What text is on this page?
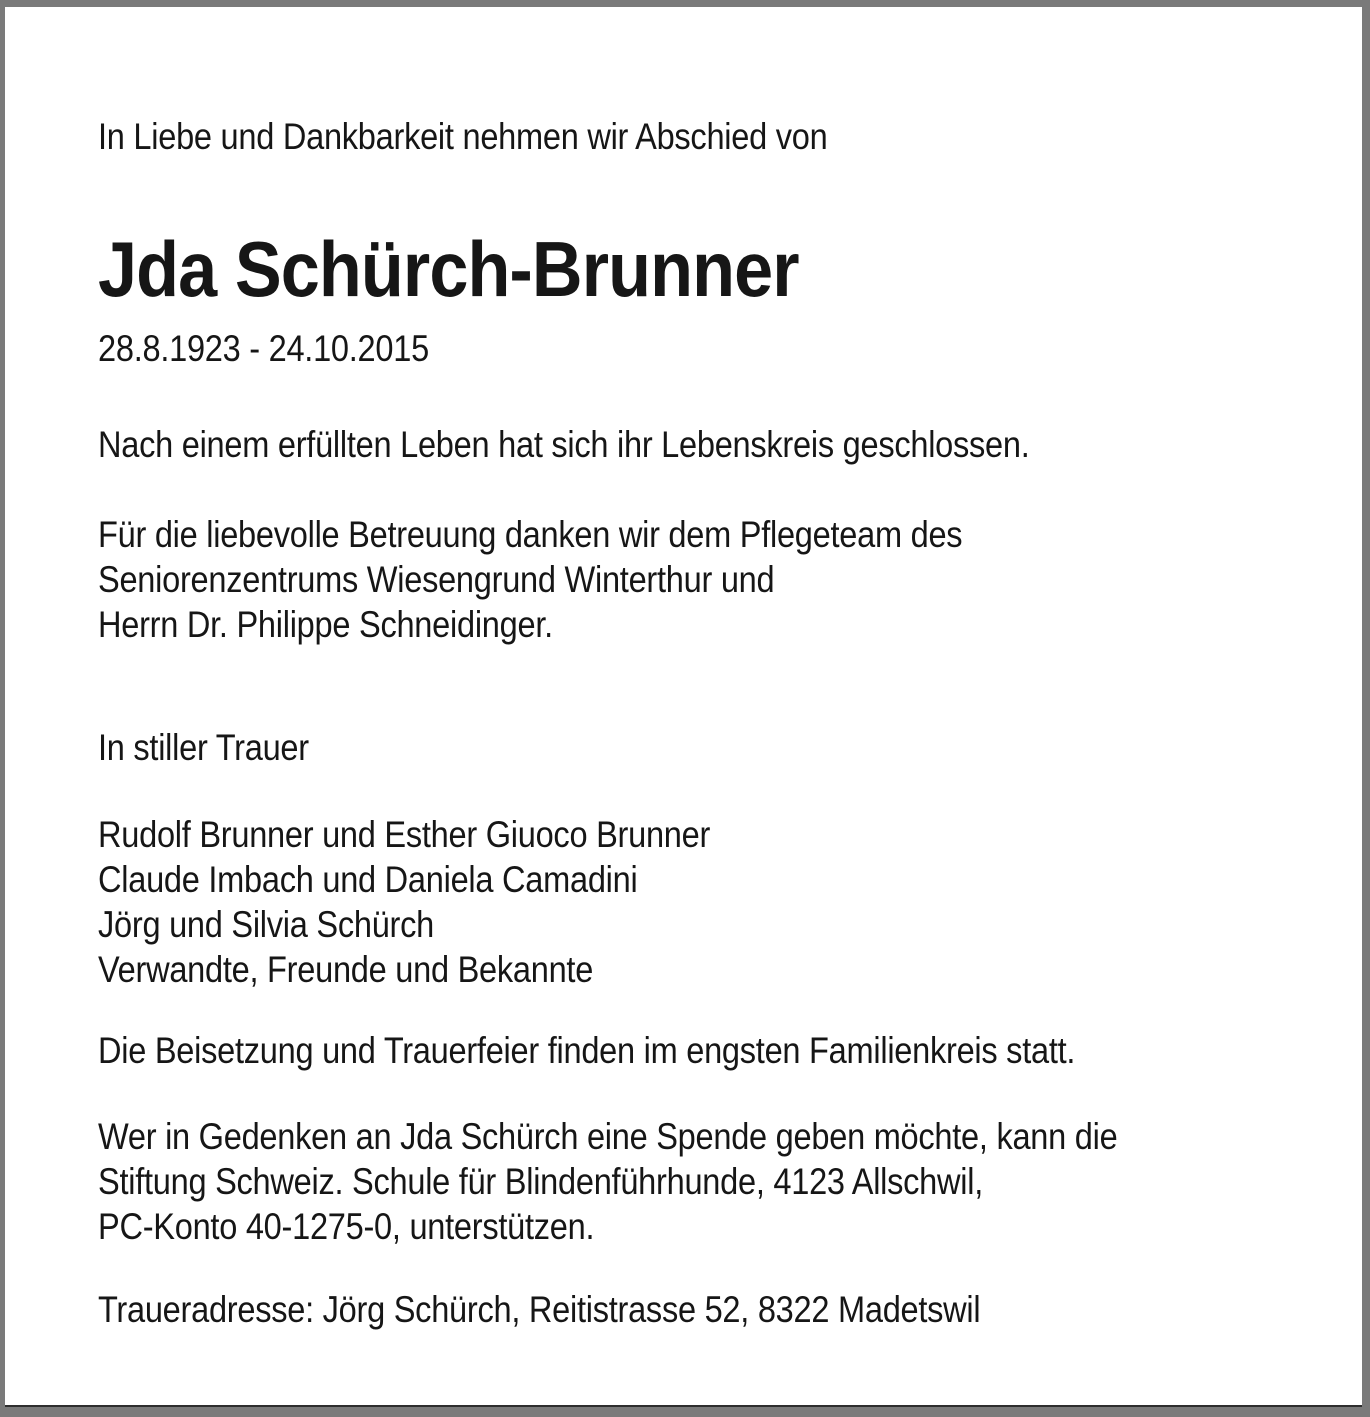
In Liebe und Dankbarkeit nehmen wir Abschied von
Jda Schürch-Brunner
28.8.1923 - 24.10.2015
Nach einem erfüllten Leben hat sich ihr Lebenskreis geschlossen.
Für die liebevolle Betreuung danken wir dem Pflegeteam des
Seniorenzentrums Wiesengrund Winterthur und
Herrn Dr. Philippe Schneidinger.
In stiller Trauer
Rudolf Brunner und Esther Giuoco Brunner
Claude Imbach und Daniela Camadini
Jörg und Silvia Schürch
Verwandte, Freunde und Bekannte
Die Beisetzung und Trauerfeier finden im engsten Familienkreis statt.
Wer in Gedenken an Jda Schürch eine Spende geben möchte, kann die
Stiftung Schweiz. Schule für Blindenführhunde, 4123 Allschwil,
PC-Konto 40-1275-0, unterstützen.
Traueradresse: Jörg Schürch, Reitistrasse 52, 8322 Madetswil
